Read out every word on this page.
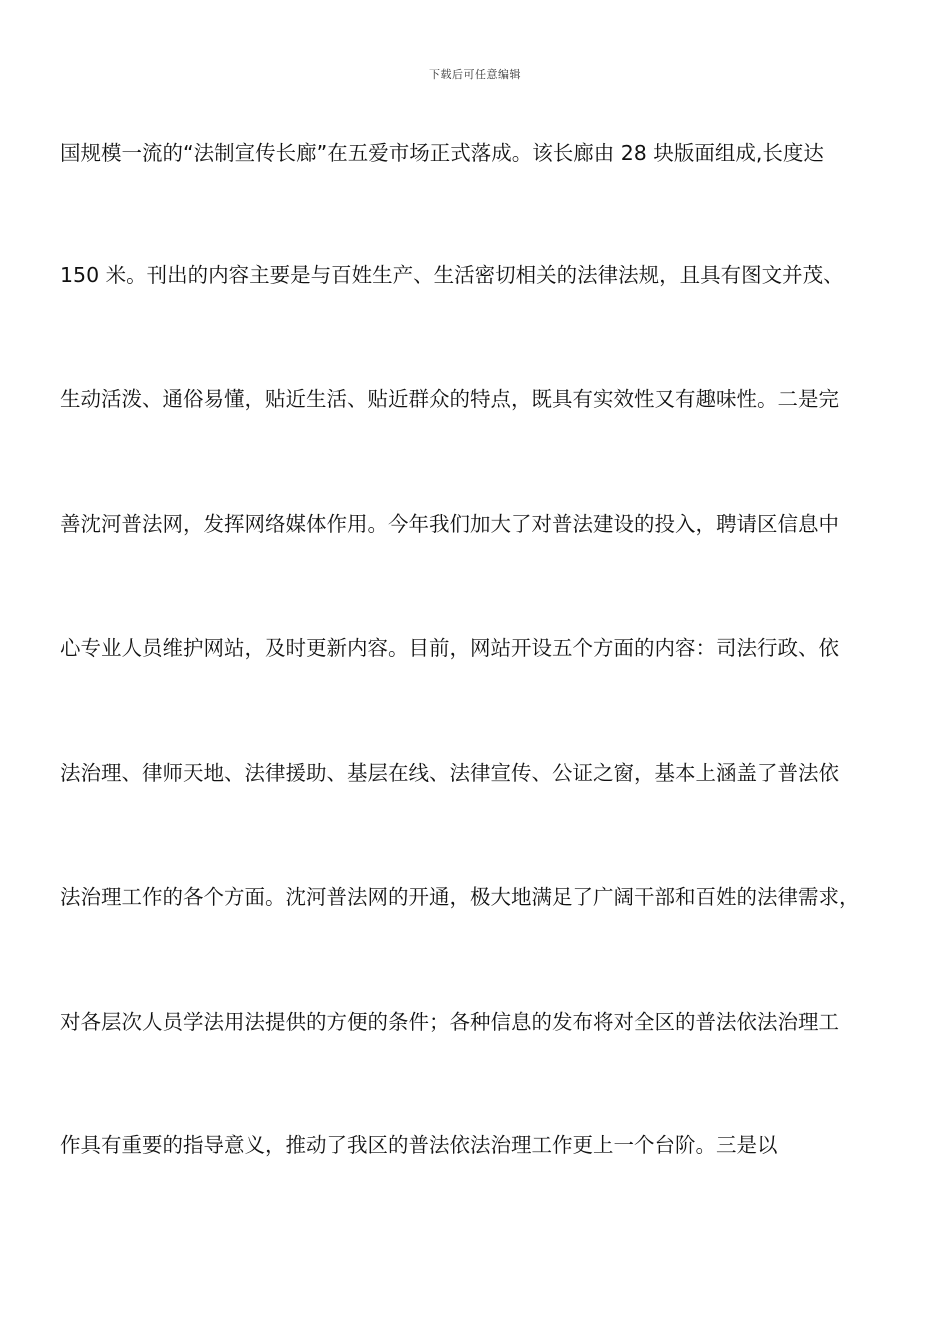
下载后可任意编辑
国规模一流的“法制宣传长廊”在五爱市场正式落成。该长廊由 28 块版面组成,长度达
150 米。刊出的内容主要是与百姓生产、生活密切相关的法律法规，且具有图文并茂、
生动活泼、通俗易懂，贴近生活、贴近群众的特点，既具有实效性又有趣味性。二是完
善沈河普法网，发挥网络媒体作用。今年我们加大了对普法建设的投入，聘请区信息中
心专业人员维护网站，及时更新内容。目前，网站开设五个方面的内容：司法行政、依
法治理、律师天地、法律援助、基层在线、法律宣传、公证之窗，基本上涵盖了普法依
法治理工作的各个方面。沈河普法网的开通，极大地满足了广阔干部和百姓的法律需求，
对各层次人员学法用法提供的方便的条件；各种信息的发布将对全区的普法依法治理工
作具有重要的指导意义，推动了我区的普法依法治理工作更上一个台阶。三是以
